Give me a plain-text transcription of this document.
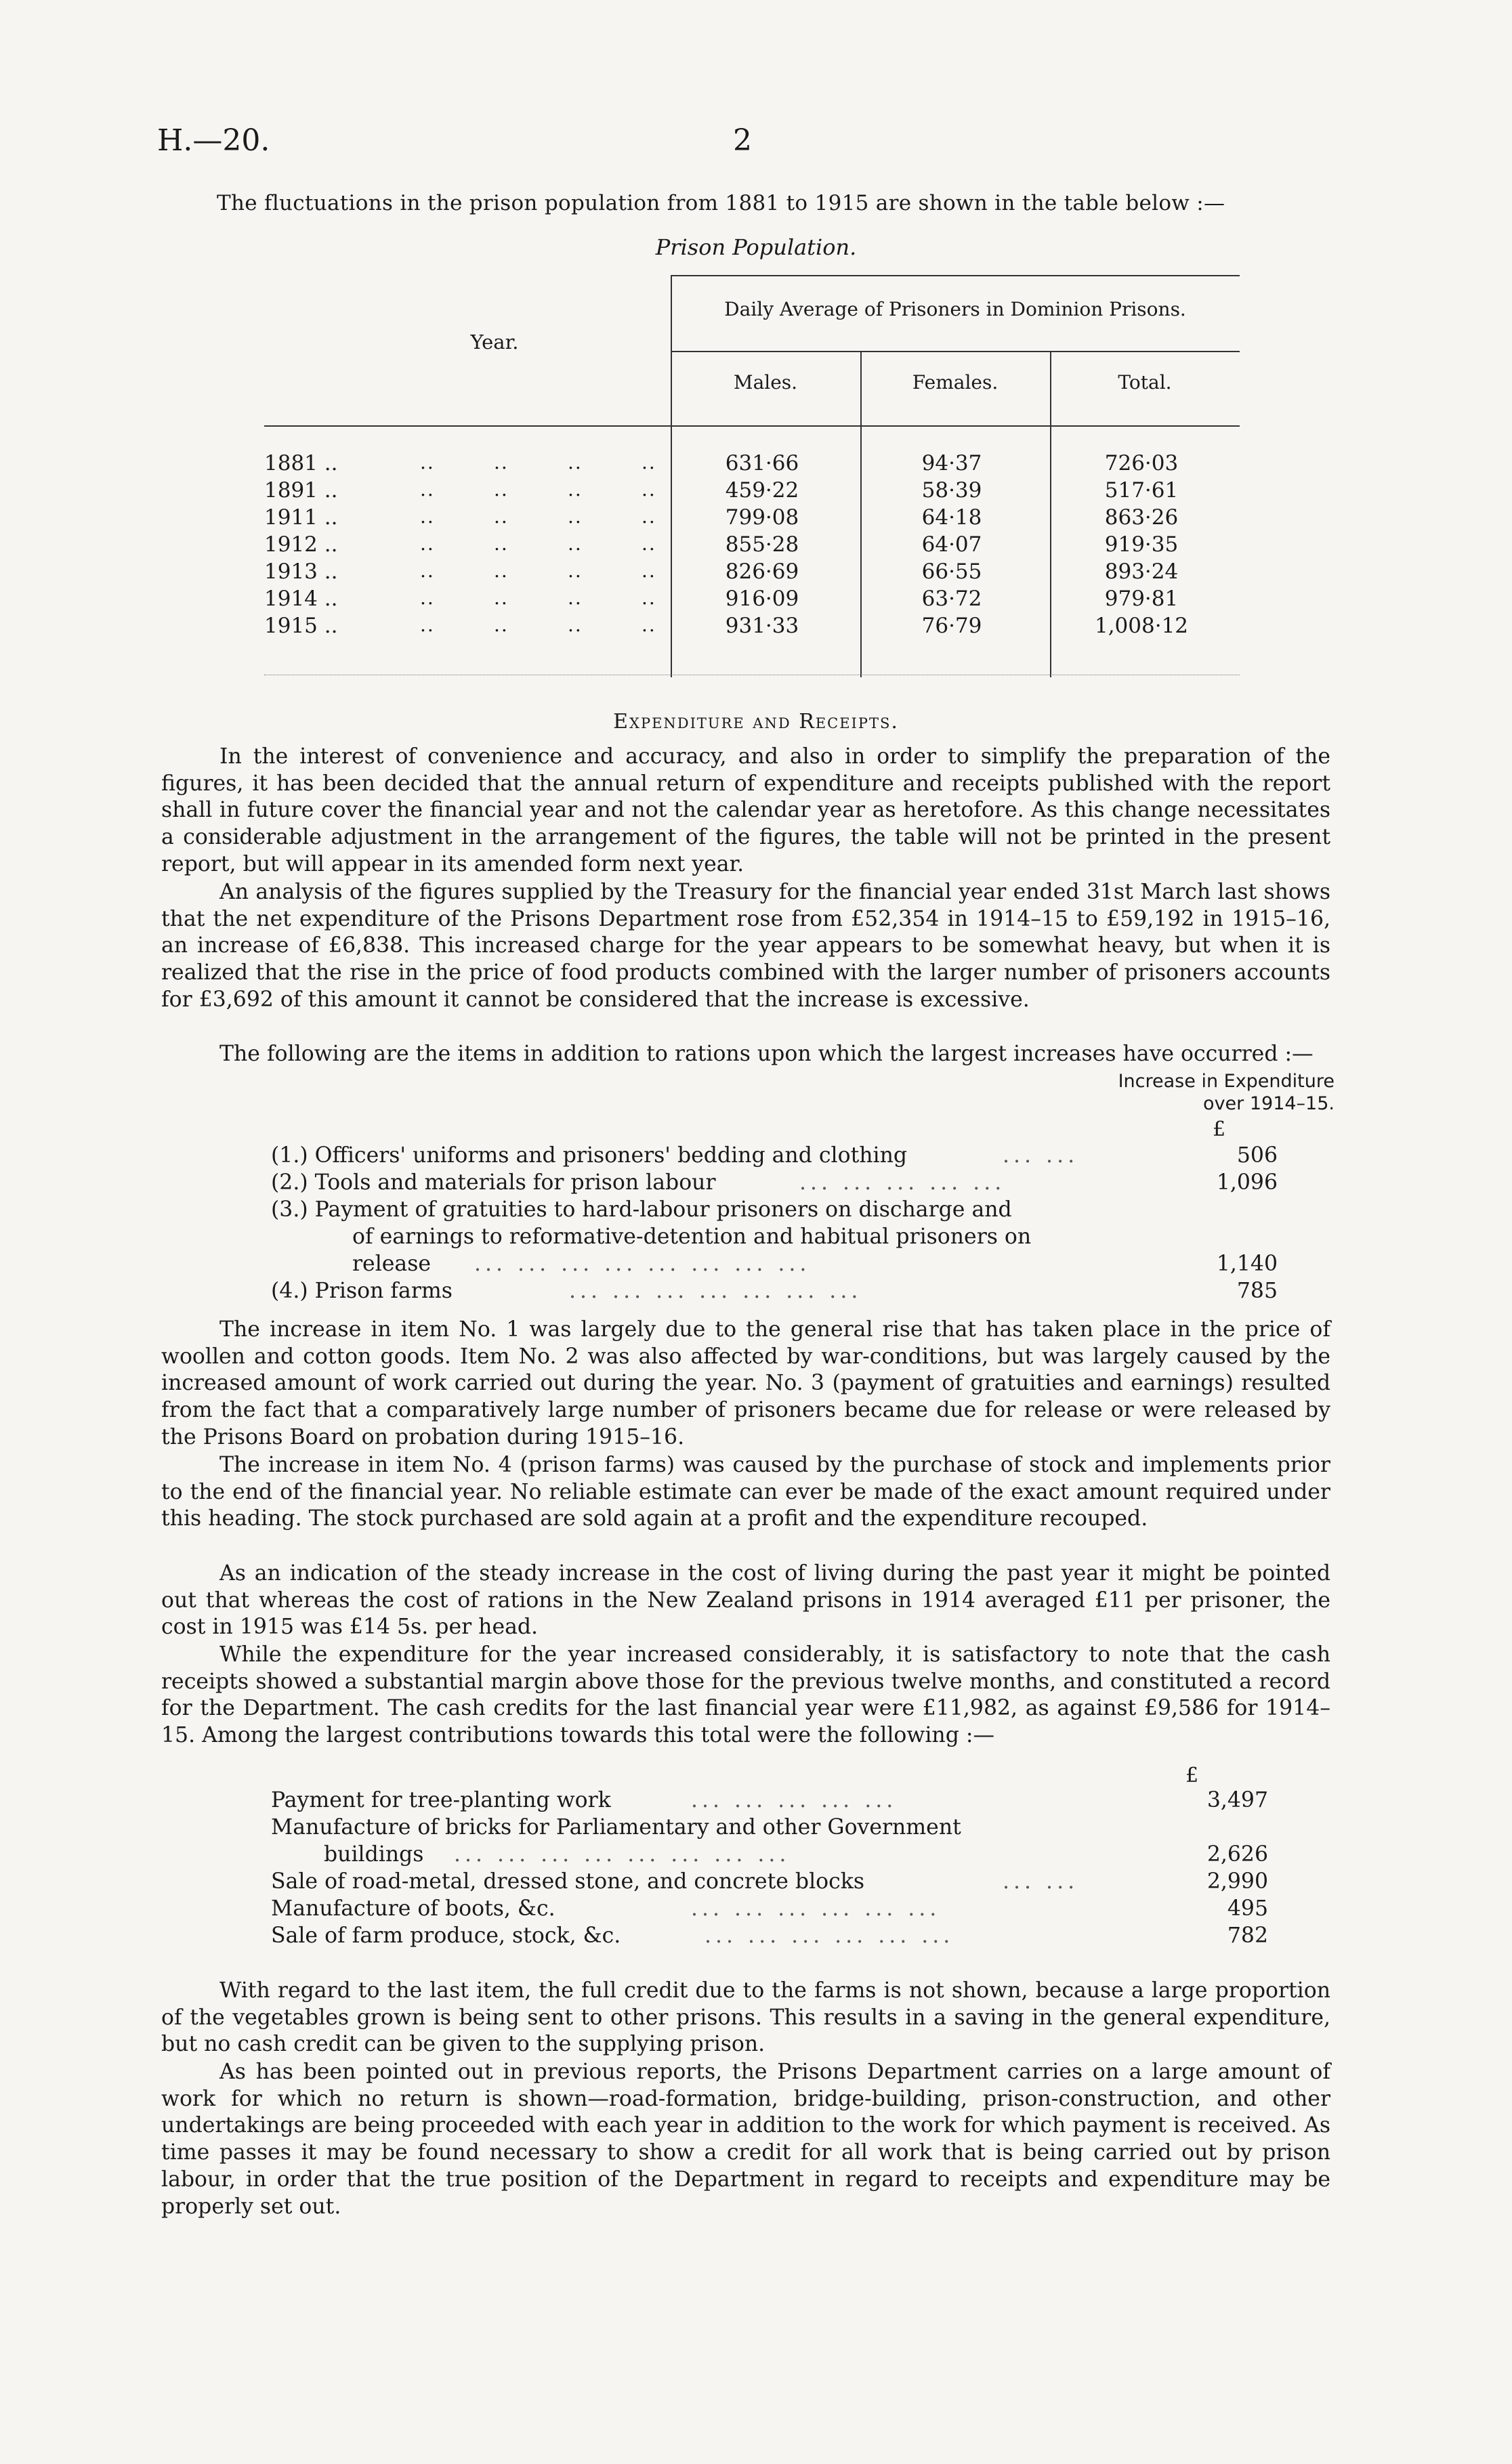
H.—20.	2
The fluctuations in the prison population from 1881 to 1915 are shown in the table below :—
Prison Population.
Daily Average of Prisoners in Dominion Prisons.
Year.
Males.	Females.	Total.
1881 ..	..        ..        ..        ..	631·66	94·37	726·03
1891 ..	..        ..        ..        ..	459·22	58·39	517·61
1911 ..	..        ..        ..        ..	799·08	64·18	863·26
1912 ..	..        ..        ..        ..	855·28	64·07	919·35
1913 ..	..        ..        ..        ..	826·69	66·55	893·24
1914 ..	..        ..        ..        ..	916·09	63·72	979·81
1915 ..	..        ..        ..        ..	931·33	76·79	1,008·12
Expenditure and Receipts.

In the interest of convenience and accuracy, and also in order to simplify the preparation of the figures, it has been decided that the annual return of expenditure and receipts published with the report shall in future cover the financial year and not the calendar year as heretofore. As this change necessitates a considerable adjustment in the arrangement of the figures, the table will not be printed in the present report, but will appear in its amended form next year.

An analysis of the figures supplied by the Treasury for the financial year ended 31st March last shows that the net expenditure of the Prisons Department rose from £52,354 in 1914–15 to £59,192 in 1915–16, an increase of £6,838. This increased charge for the year appears to be somewhat heavy, but when it is realized that the rise in the price of food products combined with the larger number of prisoners accounts for £3,692 of this amount it cannot be considered that the increase is excessive.

The following are the items in addition to rations upon which the largest increases have occurred :—

Increase in Expenditure
over 1914–15.
£
(1.) Officers' uniforms and prisoners' bedding and clothing	... ...	506
(2.) Tools and materials for prison labour	... ... ... ... ...	1,096
(3.) Payment of gratuities to hard-labour prisoners on discharge and
of earnings to reformative-detention and habitual prisoners on
release ... ... ... ... ... ... ... ...	1,140
(4.) Prison farms	... ... ... ... ... ... ...	785

The increase in item No. 1 was largely due to the general rise that has taken place in the price of woollen and cotton goods. Item No. 2 was also affected by war-conditions, but was largely caused by the increased amount of work carried out during the year. No. 3 (payment of gratuities and earnings) resulted from the fact that a comparatively large number of prisoners became due for release or were released by the Prisons Board on probation during 1915–16.

The increase in item No. 4 (prison farms) was caused by the purchase of stock and implements prior to the end of the financial year. No reliable estimate can ever be made of the exact amount required under this heading. The stock purchased are sold again at a profit and the expenditure recouped.

As an indication of the steady increase in the cost of living during the past year it might be pointed out that whereas the cost of rations in the New Zealand prisons in 1914 averaged £11 per prisoner, the cost in 1915 was £14 5s. per head.

While the expenditure for the year increased considerably, it is satisfactory to note that the cash receipts showed a substantial margin above those for the previous twelve months, and constituted a record for the Department. The cash credits for the last financial year were £11,982, as against £9,586 for 1914–15. Among the largest contributions towards this total were the following :—

£
Payment for tree-planting work	... ... ... ... ...	3,497
Manufacture of bricks for Parliamentary and other Government
buildings ... ... ... ... ... ... ... ...	2,626
Sale of road-metal, dressed stone, and concrete blocks	... ...	2,990
Manufacture of boots, &c.	... ... ... ... ... ...	495
Sale of farm produce, stock, &c.	... ... ... ... ... ...	782

With regard to the last item, the full credit due to the farms is not shown, because a large proportion of the vegetables grown is being sent to other prisons. This results in a saving in the general expenditure, but no cash credit can be given to the supplying prison.

As has been pointed out in previous reports, the Prisons Department carries on a large amount of work for which no return is shown—road-formation, bridge-building, prison-construction, and other undertakings are being proceeded with each year in addition to the work for which payment is received. As time passes it may be found necessary to show a credit for all work that is being carried out by prison labour, in order that the true position of the Department in regard to receipts and expenditure may be properly set out.
